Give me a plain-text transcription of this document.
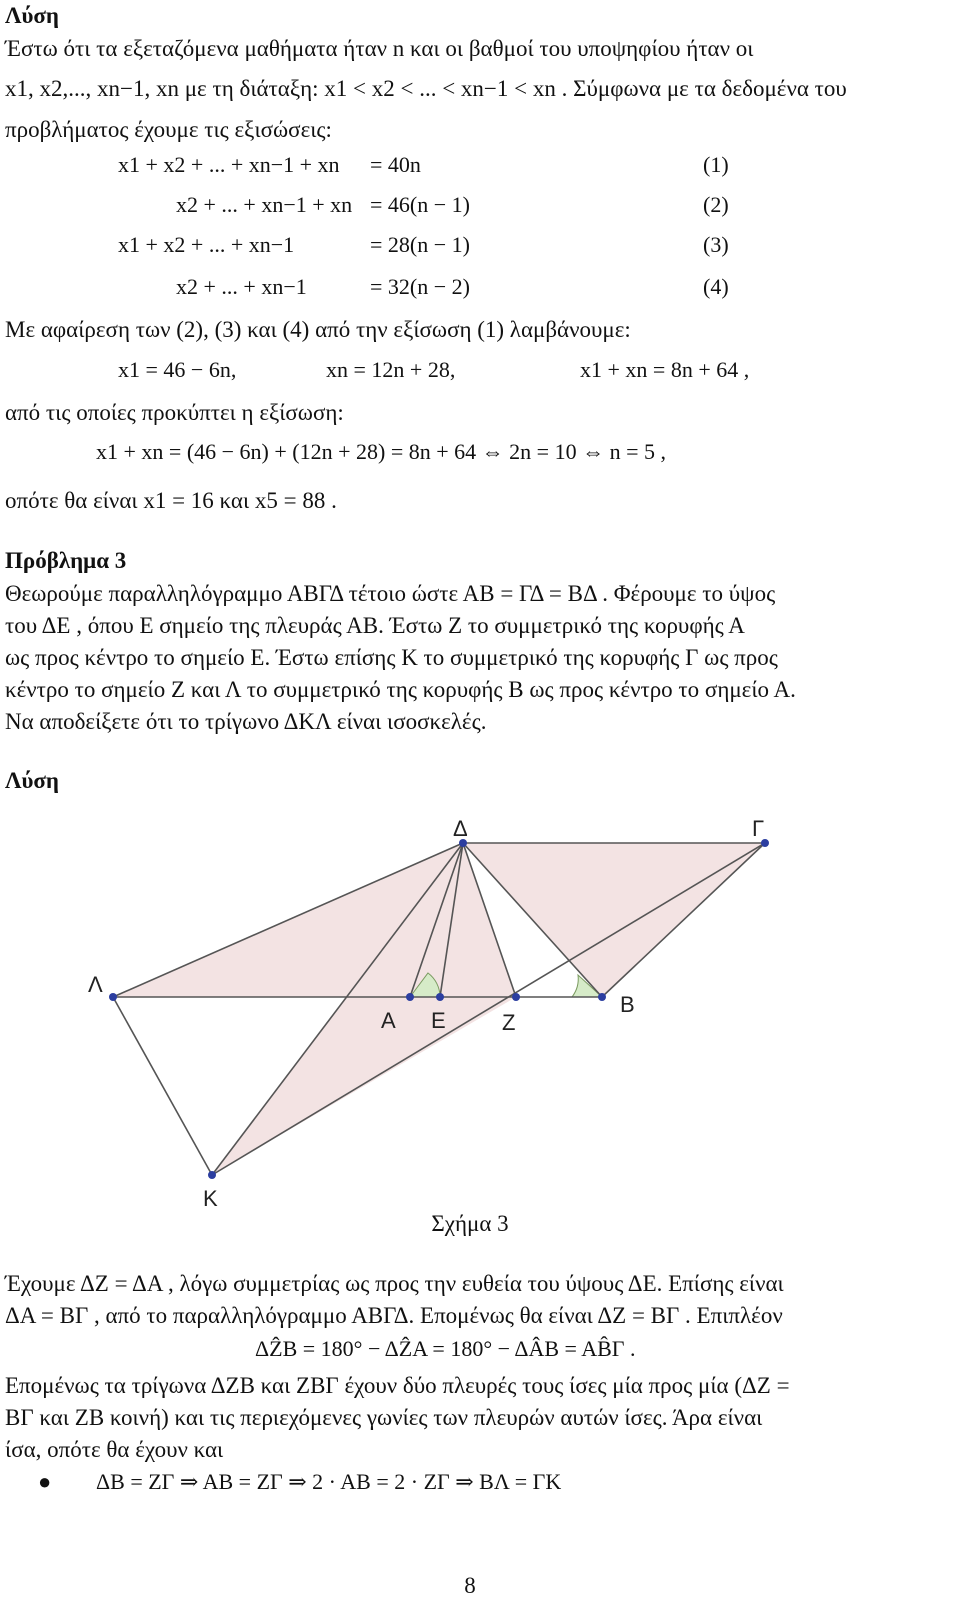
Λύση
Έστω ότι τα εξεταζόμενα μαθήματα ήταν n και οι βαθμοί του υποψηφίου ήταν οι
x1, x2,..., xn−1, xn με τη διάταξη: x1 < x2 < ... < xn−1 < xn . Σύμφωνα με τα δεδομένα του
προβλήματος έχουμε τις εξισώσεις:
x1 + x2 + ... + xn−1 + xn = 40n	(1)
x2 + ... + xn−1 + xn = 46(n − 1)	(2)
x1 + x2 + ... + xn−1	= 28(n − 1)	(3)
x2 + ... + xn−1	= 32(n − 2)	(4)
Με αφαίρεση των (2), (3) και (4) από την εξίσωση (1) λαμβάνουμε:
x1 = 46 − 6n,	xn = 12n + 28,	x1 + xn = 8n + 64 ,
από τις οποίες προκύπτει η εξίσωση:
x1 + xn = (46 − 6n) + (12n + 28) = 8n + 64 ⇔ 2n = 10 ⇔ n = 5 ,
οπότε θα είναι x1 = 16 και x5 = 88 .
Πρόβλημα 3
Θεωρούμε παραλληλόγραμμο ΑΒΓΔ τέτοιο ώστε ΑΒ = ΓΔ = ΒΔ . Φέρουμε το ύψος
του ΔΕ , όπου Ε σημείο της πλευράς ΑΒ. Έστω Ζ το συμμετρικό της κορυφής Α
ως προς κέντρο το σημείο Ε. Έστω επίσης Κ το συμμετρικό της κορυφής Γ ως προς
κέντρο το σημείο Ζ και Λ το συμμετρικό της κορυφής Β ως προς κέντρο το σημείο Α.
Να αποδείξετε ότι το τρίγωνο ΔΚΛ είναι ισοσκελές.
Λύση
Δ	Γ
Λ
Α Ε	Ζ
Β
Κ
Σχήμα 3
Έχουμε ΔΖ = ΔΑ , λόγω συμμετρίας ως προς την ευθεία του ύψους ΔΕ. Επίσης είναι
ΔΑ = ΒΓ , από το παραλληλόγραμμο ΑΒΓΔ. Επομένως θα είναι ΔΖ = ΒΓ . Επιπλέον
ΔẐΒ = 180° − ΔẐΑ = 180° − ΔÂΒ = ΑB̂Γ .
Επομένως τα τρίγωνα ΔΖΒ και ΖΒΓ έχουν δύο πλευρές τους ίσες μία προς μία (ΔΖ =
ΒΓ και ΖΒ κοινή) και τις περιεχόμενες γωνίες των πλευρών αυτών ίσες. Άρα είναι
ίσα, οπότε θα έχουν και
● ΔΒ = ΖΓ ⇒ ΑΒ = ΖΓ ⇒ 2 · ΑΒ = 2 · ΖΓ ⇒ ΒΛ = ΓΚ
8
